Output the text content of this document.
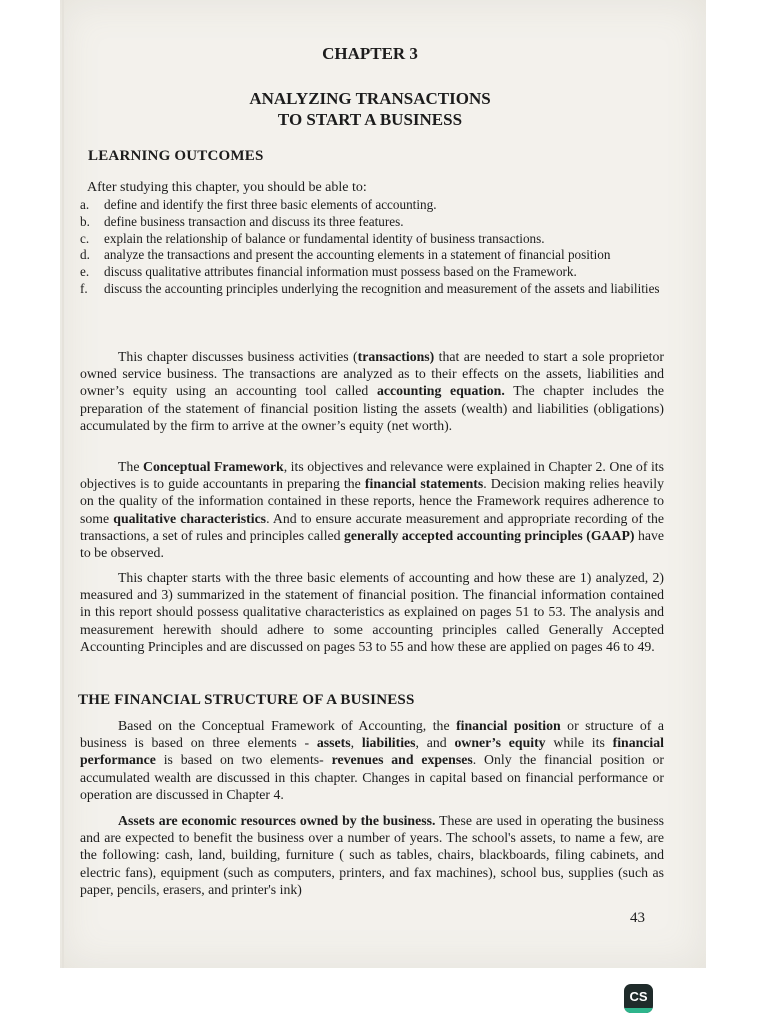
CHAPTER 3
ANALYZING TRANSACTIONS
TO START A BUSINESS
LEARNING OUTCOMES
After studying this chapter, you should be able to:
a. define and identify the first three basic elements of accounting.
b. define business transaction and discuss its three features.
c. explain the relationship of balance or fundamental identity of business transactions.
d. analyze the transactions and present the accounting elements in a statement of financial position
e. discuss qualitative attributes financial information must possess based on the Framework.
f. discuss the accounting principles underlying the recognition and measurement of the assets and liabilities

This chapter discusses business activities (transactions) that are needed to start a sole proprietor owned service business. The transactions are analyzed as to their effects on the assets, liabilities and owner’s equity using an accounting tool called accounting equation. The chapter includes the preparation of the statement of financial position listing the assets (wealth) and liabilities (obligations) accumulated by the firm to arrive at the owner’s equity (net worth).

The Conceptual Framework, its objectives and relevance were explained in Chapter 2. One of its objectives is to guide accountants in preparing the financial statements. Decision making relies heavily on the quality of the information contained in these reports, hence the Framework requires adherence to some qualitative characteristics. And to ensure accurate measurement and appropriate recording of the transactions, a set of rules and principles called generally accepted accounting principles (GAAP) have to be observed.

This chapter starts with the three basic elements of accounting and how these are 1) analyzed, 2) measured and 3) summarized in the statement of financial position. The financial information contained in this report should possess qualitative characteristics as explained on pages 51 to 53. The analysis and measurement herewith should adhere to some accounting principles called Generally Accepted Accounting Principles and are discussed on pages 53 to 55 and how these are applied on pages 46 to 49.

THE FINANCIAL STRUCTURE OF A BUSINESS

Based on the Conceptual Framework of Accounting, the financial position or structure of a business is based on three elements - assets, liabilities, and owner’s equity while its financial performance is based on two elements- revenues and expenses. Only the financial position or accumulated wealth are discussed in this chapter. Changes in capital based on financial performance or operation are discussed in Chapter 4.

Assets are economic resources owned by the business. These are used in operating the business and are expected to benefit the business over a number of years. The school's assets, to name a few, are the following: cash, land, building, furniture ( such as tables, chairs, blackboards, filing cabinets, and electric fans), equipment (such as computers, printers, and fax machines), school bus, supplies (such as paper, pencils, erasers, and printer's ink)

43
CS
